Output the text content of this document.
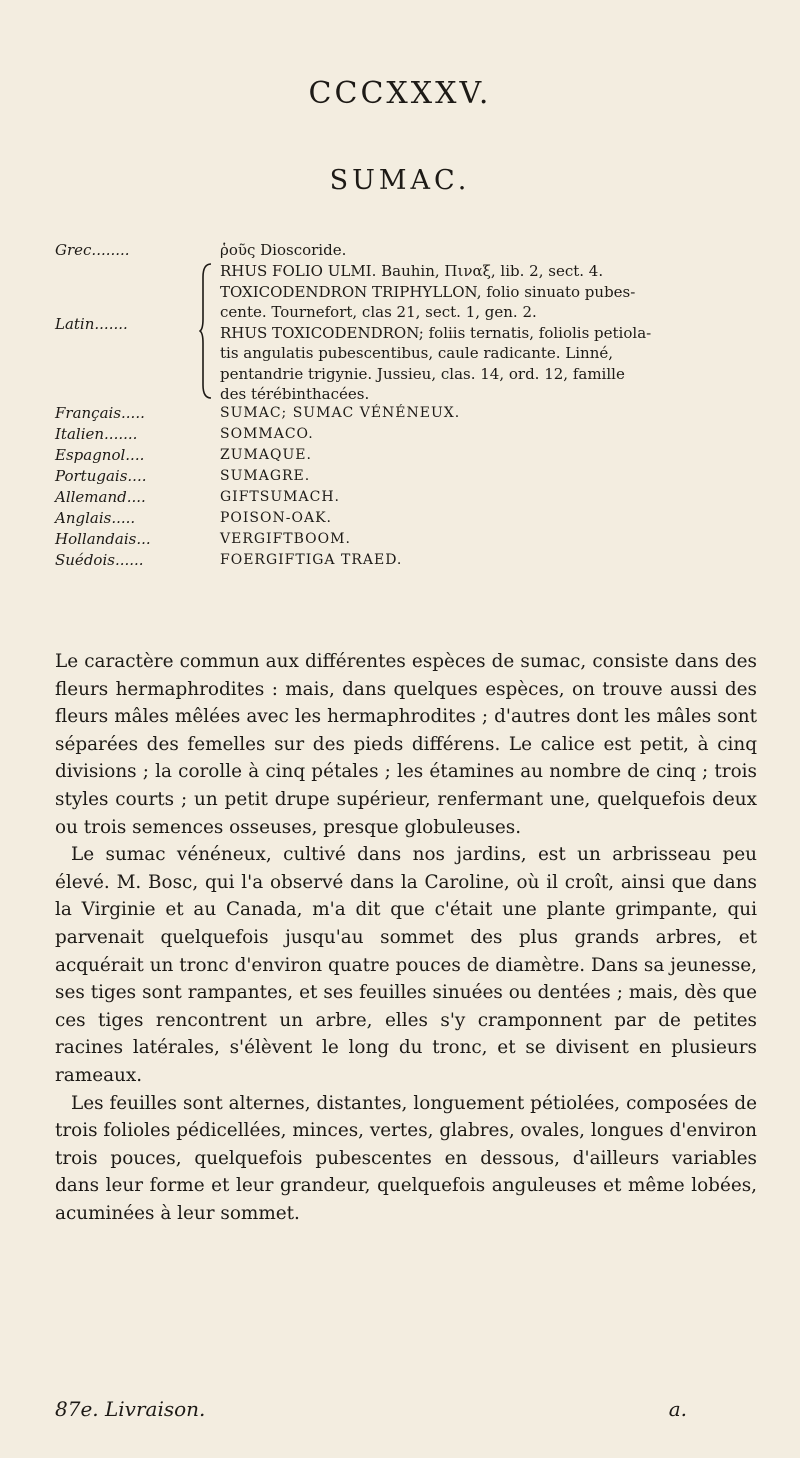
CCCXXXV.
SUMAC.
Grec........	ῥοῦς Dioscoride.
Latin.......
RHUS FOLIO ULMI. Bauhin, Πιναξ, lib. 2, sect. 4.
TOXICODENDRON TRIPHYLLON, folio sinuato pubes-
cente. Tournefort, clas 21, sect. 1, gen. 2.
RHUS TOXICODENDRON; foliis ternatis, foliolis petiola-
tis angulatis pubescentibus, caule radicante. Linné,
pentandrie trigynie. Jussieu, clas. 14, ord. 12, famille
des térébinthacées.
Français.....	SUMAC; SUMAC VÉNÉNEUX.
Italien.......	SOMMACO.
Espagnol....	ZUMAQUE.
Portugais....	SUMAGRE.
Allemand....	GIFTSUMACH.
Anglais.....	POISON-OAK.
Hollandais...	VERGIFTBOOM.
Suédois......	FOERGIFTIGA TRAED.

Le caractère commun aux différentes espèces de sumac, consiste dans des fleurs hermaphrodites : mais, dans quelques espèces, on trouve aussi des fleurs mâles mêlées avec les hermaphrodites ; d'autres dont les mâles sont séparées des femelles sur des pieds différens. Le calice est petit, à cinq divisions ; la corolle à cinq pétales ; les étamines au nombre de cinq ; trois styles courts ; un petit drupe supérieur, renfermant une, quelquefois deux ou trois semences osseuses, presque globuleuses.

Le sumac vénéneux, cultivé dans nos jardins, est un arbrisseau peu élevé. M. Bosc, qui l'a observé dans la Caroline, où il croît, ainsi que dans la Virginie et au Canada, m'a dit que c'était une plante grimpante, qui parvenait quelquefois jusqu'au sommet des plus grands arbres, et acquérait un tronc d'environ quatre pouces de diamètre. Dans sa jeunesse, ses tiges sont rampantes, et ses feuilles sinuées ou dentées ; mais, dès que ces tiges rencontrent un arbre, elles s'y cramponnent par de petites racines latérales, s'élèvent le long du tronc, et se divisent en plusieurs rameaux.

Les feuilles sont alternes, distantes, longuement pétiolées, composées de trois folioles pédicellées, minces, vertes, glabres, ovales, longues d'environ trois pouces, quelquefois pubescentes en dessous, d'ailleurs variables dans leur forme et leur grandeur, quelquefois anguleuses et même lobées, acuminées à leur sommet.

87e. Livraison.	a.
